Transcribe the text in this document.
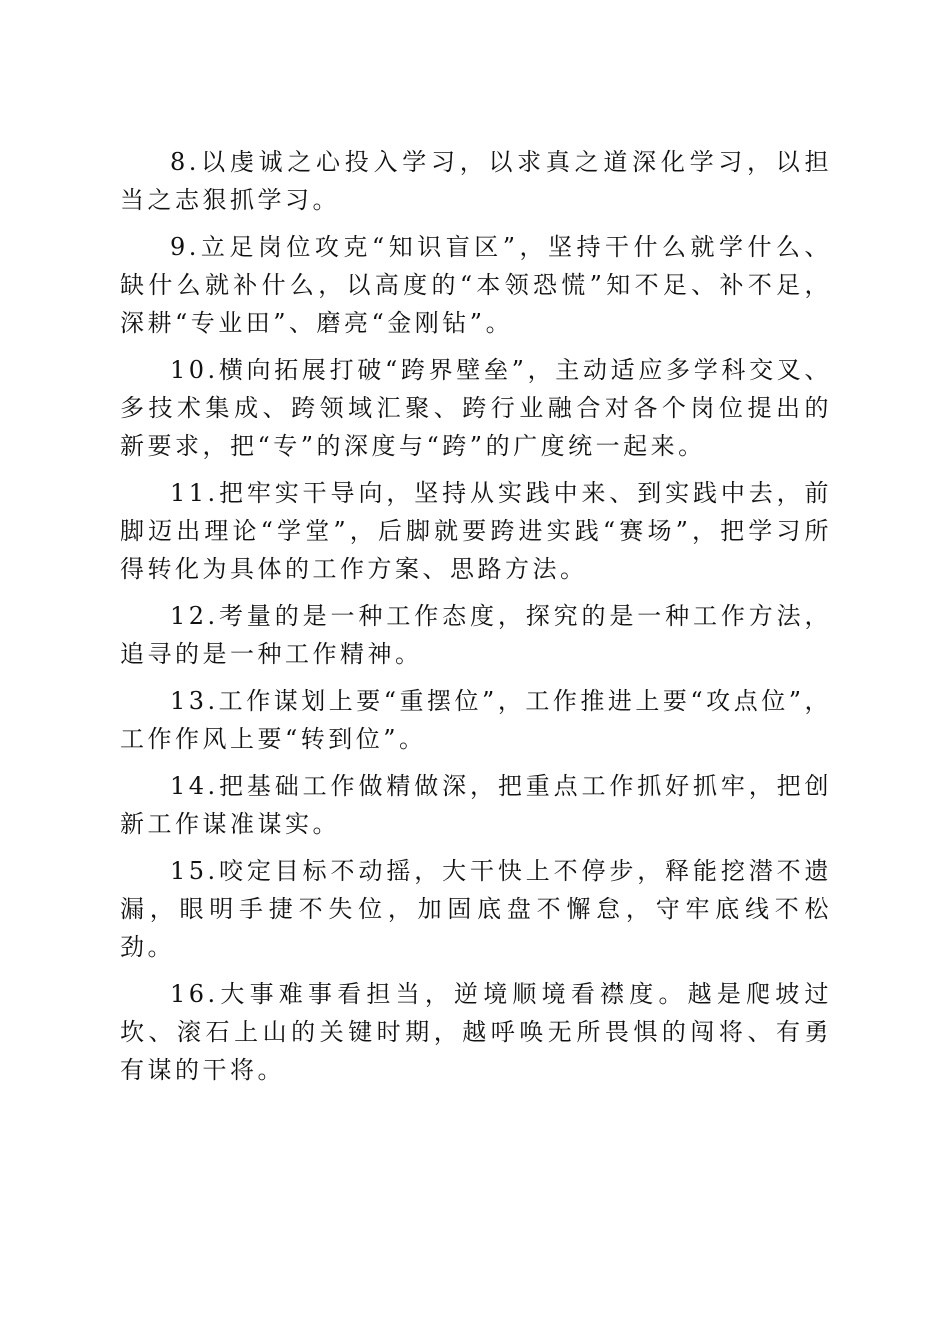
8.以虔诚之心投入学习，以求真之道深化学习，以担当之志狠抓学习。

9.立足岗位攻克“知识盲区”，坚持干什么就学什么、缺什么就补什么，以高度的“本领恐慌”知不足、补不足，深耕“专业田”、磨亮“金刚钻”。

10.横向拓展打破“跨界壁垒”，主动适应多学科交叉、多技术集成、跨领域汇聚、跨行业融合对各个岗位提出的新要求，把“专”的深度与“跨”的广度统一起来。

11.把牢实干导向，坚持从实践中来、到实践中去，前脚迈出理论“学堂”，后脚就要跨进实践“赛场”，把学习所得转化为具体的工作方案、思路方法。

12.考量的是一种工作态度，探究的是一种工作方法，追寻的是一种工作精神。

13.工作谋划上要“重摆位”，工作推进上要“攻点位”，工作作风上要“转到位”。

14.把基础工作做精做深，把重点工作抓好抓牢，把创新工作谋准谋实。

15.咬定目标不动摇，大干快上不停步，释能挖潜不遗漏，眼明手捷不失位，加固底盘不懈怠，守牢底线不松劲。

16.大事难事看担当，逆境顺境看襟度。越是爬坡过坎、滚石上山的关键时期，越呼唤无所畏惧的闯将、有勇有谋的干将。
